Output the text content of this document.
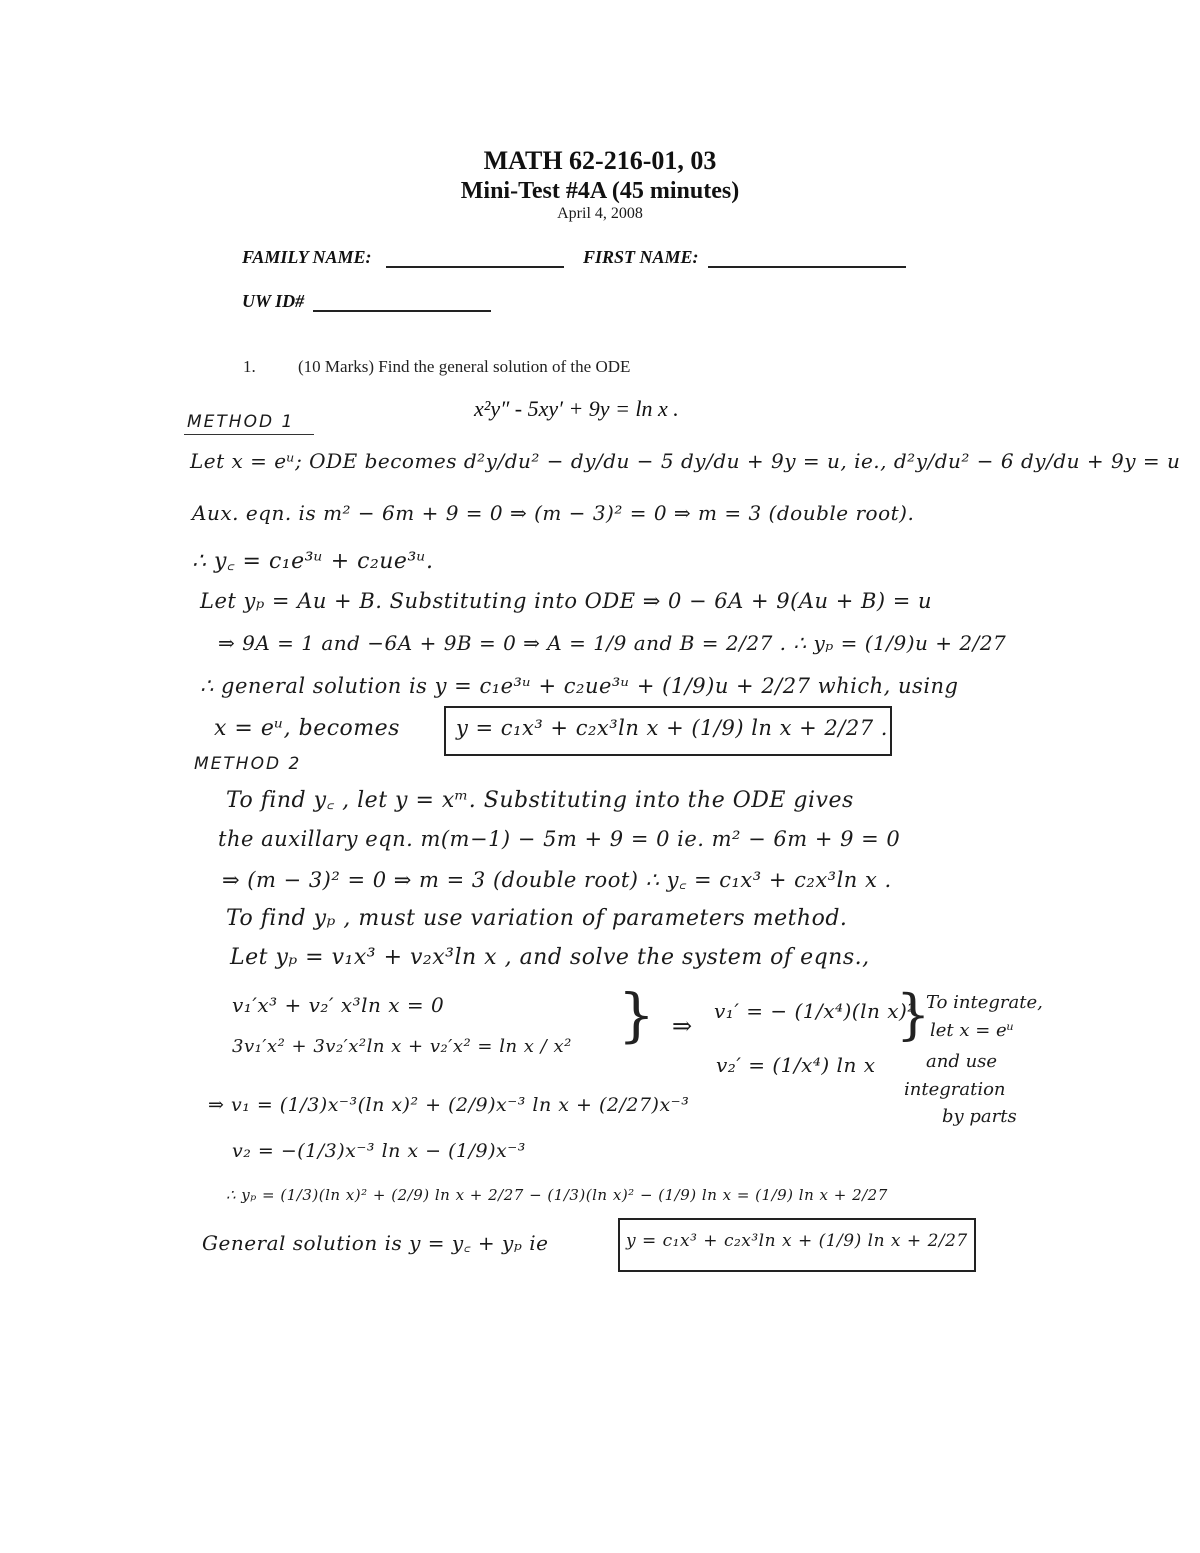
MATH 62-216-01, 03
Mini-Test #4A (45 minutes)
April 4, 2008
FAMILY NAME:	FIRST NAME:
UW ID#
1. (10 Marks) Find the general solution of the ODE
x²y″ - 5xy′ + 9y = ln x .
METHOD 1
Let x = eᵘ; ODE becomes d²y/du² − dy/du − 5 dy/du + 9y = u, ie., d²y/du² − 6 dy/du + 9y = u
Aux. eqn. is m² − 6m + 9 = 0 ⇒ (m − 3)² = 0 ⇒ m = 3 (double root).
∴ y꜀ = c₁e³ᵘ + c₂ue³ᵘ.
Let yₚ = Au + B. Substituting into ODE ⇒ 0 − 6A + 9(Au + B) = u
⇒ 9A = 1 and −6A + 9B = 0 ⇒ A = 1/9 and B = 2/27 . ∴ yₚ = (1/9)u + 2/27
∴ general solution is y = c₁e³ᵘ + c₂ue³ᵘ + (1/9)u + 2/27 which, using
x = eᵘ, becomes	y = c₁x³ + c₂x³ln x + (1/9) ln x + 2/27 .
METHOD 2
To find y꜀ , let y = xᵐ. Substituting into the ODE gives
the auxillary eqn. m(m−1) − 5m + 9 = 0 ie. m² − 6m + 9 = 0
⇒ (m − 3)² = 0 ⇒ m = 3 (double root) ∴ y꜀ = c₁x³ + c₂x³ln x .
To find yₚ , must use variation of parameters method.
Let yₚ = v₁x³ + v₂x³ln x , and solve the system of eqns.,
v₁′x³ + v₂′ x³ln x = 0
3v₁′x² + 3v₂′x²ln x + v₂′x² = ln x / x² } ⇒
v₁′ = − (1/x⁴)(ln x)²
v₂′ = (1/x⁴) ln x
}
To integrate,
let x = eᵘ
and use
integration
by parts
⇒ v₁ = (1/3)x⁻³(ln x)² + (2/9)x⁻³ ln x + (2/27)x⁻³
v₂ = −(1/3)x⁻³ ln x − (1/9)x⁻³
∴ yₚ = (1/3)(ln x)² + (2/9) ln x + 2/27 − (1/3)(ln x)² − (1/9) ln x = (1/9) ln x + 2/27
General solution is y = y꜀ + yₚ ie	y = c₁x³ + c₂x³ln x + (1/9) ln x + 2/27
